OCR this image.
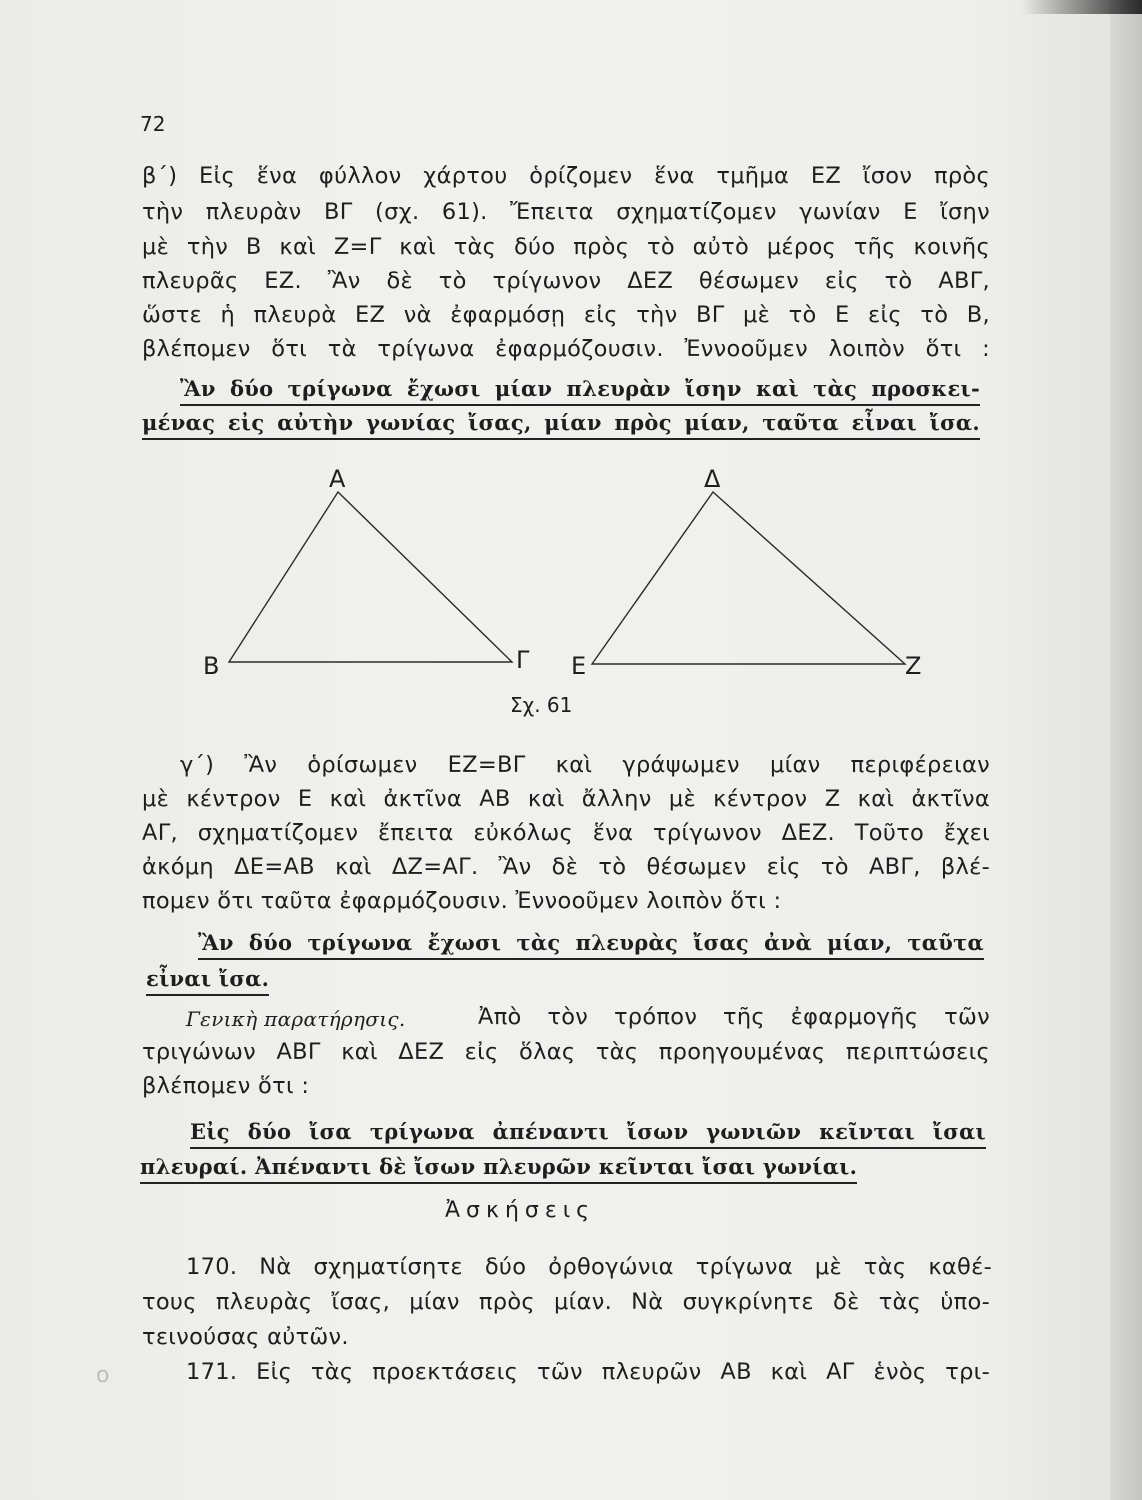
72
β΄) Εἰς ἕνα φύλλον χάρτου ὁρίζομεν ἕνα τμῆμα ΕΖ ἴσον πρὸς
τὴν πλευρὰν ΒΓ (σχ. 61). Ἔπειτα σχηματίζομεν γωνίαν Ε ἴσην
μὲ τὴν Β καὶ Ζ=Γ καὶ τὰς δύο πρὸς τὸ αὐτὸ μέρος τῆς κοινῆς
πλευρᾶς ΕΖ. Ἂν δὲ τὸ τρίγωνον ΔΕΖ θέσωμεν εἰς τὸ ΑΒΓ,
ὥστε ἡ πλευρὰ ΕΖ νὰ ἐφαρμόσῃ εἰς τὴν ΒΓ μὲ τὸ Ε εἰς τὸ Β,
βλέπομεν ὅτι τὰ τρίγωνα ἐφαρμόζουσιν. Ἐννοοῦμεν λοιπὸν ὅτι :
Ἂν δύο τρίγωνα ἔχωσι μίαν πλευρὰν ἴσην καὶ τὰς προσκει-
μένας εἰς αὐτὴν γωνίας ἴσας, μίαν πρὸς μίαν, ταῦτα εἶναι ἴσα.
Α
Β	Γ
Δ
Ε	Ζ
Σχ. 61
γ΄) Ἂν ὁρίσωμεν ΕΖ=ΒΓ καὶ γράψωμεν μίαν περιφέρειαν
μὲ κέντρον Ε καὶ ἀκτῖνα ΑΒ καὶ ἄλλην μὲ κέντρον Ζ καὶ ἀκτῖνα
ΑΓ, σχηματίζομεν ἔπειτα εὐκόλως ἕνα τρίγωνον ΔΕΖ. Τοῦτο ἔχει
ἀκόμη ΔΕ=ΑΒ καὶ ΔΖ=ΑΓ. Ἂν δὲ τὸ θέσωμεν εἰς τὸ ΑΒΓ, βλέ-
πομεν ὅτι ταῦτα ἐφαρμόζουσιν. Ἐννοοῦμεν λοιπὸν ὅτι :
Ἂν δύο τρίγωνα ἔχωσι τὰς πλευρὰς ἴσας ἀνὰ μίαν, ταῦτα
εἶναι ἴσα.
Γενικὴ παρατήρησις.	Ἀπὸ τὸν τρόπον τῆς ἐφαρμογῆς τῶν
τριγώνων ΑΒΓ καὶ ΔΕΖ εἰς ὅλας τὰς προηγουμένας περιπτώσεις
βλέπομεν ὅτι :
Εἰς δύο ἴσα τρίγωνα ἀπέναντι ἴσων γωνιῶν κεῖνται ἴσαι
πλευραί. Ἀπέναντι δὲ ἴσων πλευρῶν κεῖνται ἴσαι γωνίαι.
Ἀσκήσεις
170. Νὰ σχηματίσητε δύο ὀρθογώνια τρίγωνα μὲ τὰς καθέ-
τους πλευρὰς ἴσας, μίαν πρὸς μίαν. Νὰ συγκρίνητε δὲ τὰς ὑπο-
τεινούσας αὐτῶν.
171. Εἰς τὰς προεκτάσεις τῶν πλευρῶν ΑΒ καὶ ΑΓ ἑνὸς τρι-
o
